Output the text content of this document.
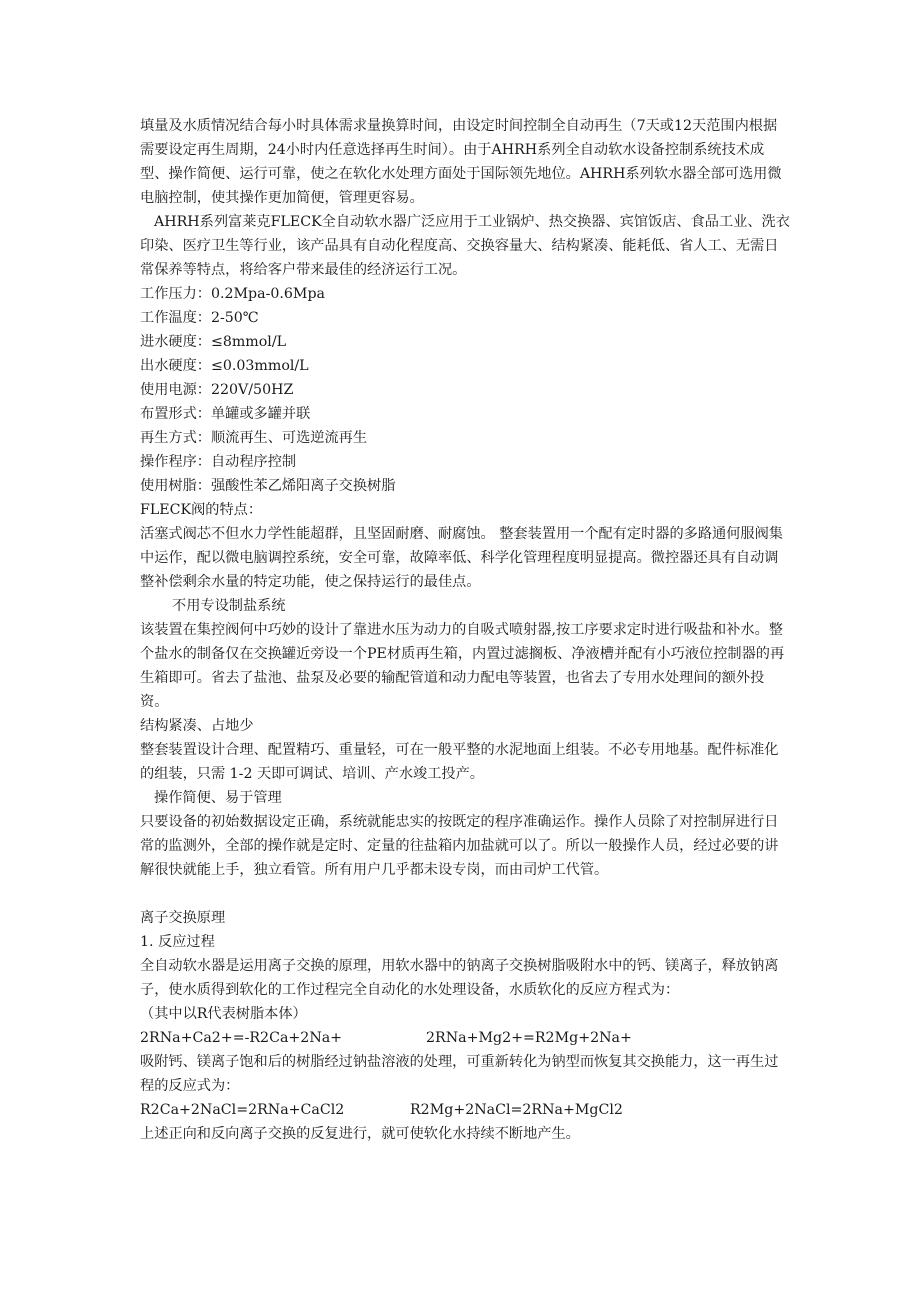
填量及水质情况结合每小时具体需求量换算时间，由设定时间控制全自动再生（7天或12天范围内根据需要设定再生周期，24小时内任意选择再生时间）。由于AHRH系列全自动软水设备控制系统技术成型、操作简便、运行可靠，使之在软化水处理方面处于国际领先地位。AHRH系列软水器全部可选用微电脑控制，使其操作更加简便，管理更容易。

AHRH系列富莱克FLECK全自动软水器广泛应用于工业锅炉、热交换器、宾馆饭店、食品工业、洗衣印染、医疗卫生等行业，该产品具有自动化程度高、交换容量大、结构紧凑、能耗低、省人工、无需日常保养等特点，将给客户带来最佳的经济运行工况。

工作压力：0.2Mpa-0.6Mpa

工作温度：2-50℃

进水硬度：≤8mmol/L

出水硬度：≤0.03mmol/L

使用电源：220V/50HZ

布置形式：单罐或多罐并联

再生方式：顺流再生、可选逆流再生

操作程序：自动程序控制

使用树脂：强酸性苯乙烯阳离子交换树脂

FLECK阀的特点：

活塞式阀芯不但水力学性能超群，且坚固耐磨、耐腐蚀。 整套装置用一个配有定时器的多路通何服阀集中运作，配以微电脑调控系统，安全可靠，故障率低、科学化管理程度明显提高。微控器还具有自动调整补偿剩余水量的特定功能，使之保持运行的最佳点。

不用专设制盐系统

该装置在集控阀何中巧妙的设计了靠进水压为动力的自吸式喷射器,按工序要求定时进行吸盐和补水。整个盐水的制备仅在交换罐近旁设一个PE材质再生箱，内置过滤搁板、净液槽并配有小巧液位控制器的再生箱即可。省去了盐池、盐泵及必要的输配管道和动力配电等装置，也省去了专用水处理间的额外投资。

结构紧凑、占地少

整套装置设计合理、配置精巧、重量轻，可在一般平整的水泥地面上组装。不必专用地基。配件标准化的组装，只需 1-2 天即可调试、培训、产水竣工投产。

操作简便、易于管理

只要设备的初始数据设定正确，系统就能忠实的按既定的程序准确运作。操作人员除了对控制屏进行日常的监测外，全部的操作就是定时、定量的往盐箱内加盐就可以了。所以一般操作人员，经过必要的讲解很快就能上手，独立看管。所有用户几乎都未设专岗，而由司炉工代管。

离子交换原理

1. 反应过程

全自动软水器是运用离子交换的原理，用软水器中的钠离子交换树脂吸附水中的钙、镁离子，释放钠离子，使水质得到软化的工作过程完全自动化的水处理设备，水质软化的反应方程式为：

（其中以R代表树脂本体）

2RNa+Ca2+=-R2Ca+2Na+	2RNa+Mg2+=R2Mg+2Na+

吸附钙、镁离子饱和后的树脂经过钠盐溶液的处理，可重新转化为钠型而恢复其交换能力，这一再生过程的反应式为：

R2Ca+2NaCl=2RNa+CaCl2	R2Mg+2NaCl=2RNa+MgCl2

上述正向和反向离子交换的反复进行，就可使软化水持续不断地产生。
